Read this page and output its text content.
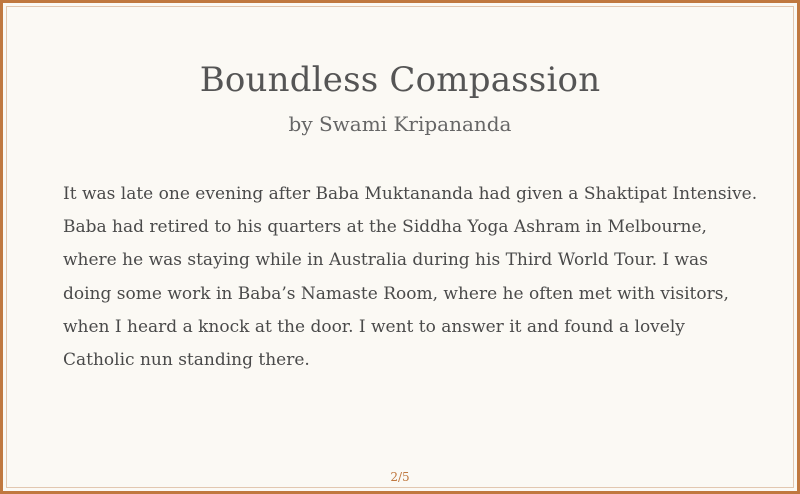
Boundless Compassion
by Swami Kripananda

It was late one evening after Baba Muktananda had given a Shaktipat Intensive.
Baba had retired to his quarters at the Siddha Yoga Ashram in Melbourne,
where he was staying while in Australia during his Third World Tour. I was
doing some work in Baba’s Namaste Room, where he often met with visitors,
when I heard a knock at the door. I went to answer it and found a lovely
Catholic nun standing there.

2/5
